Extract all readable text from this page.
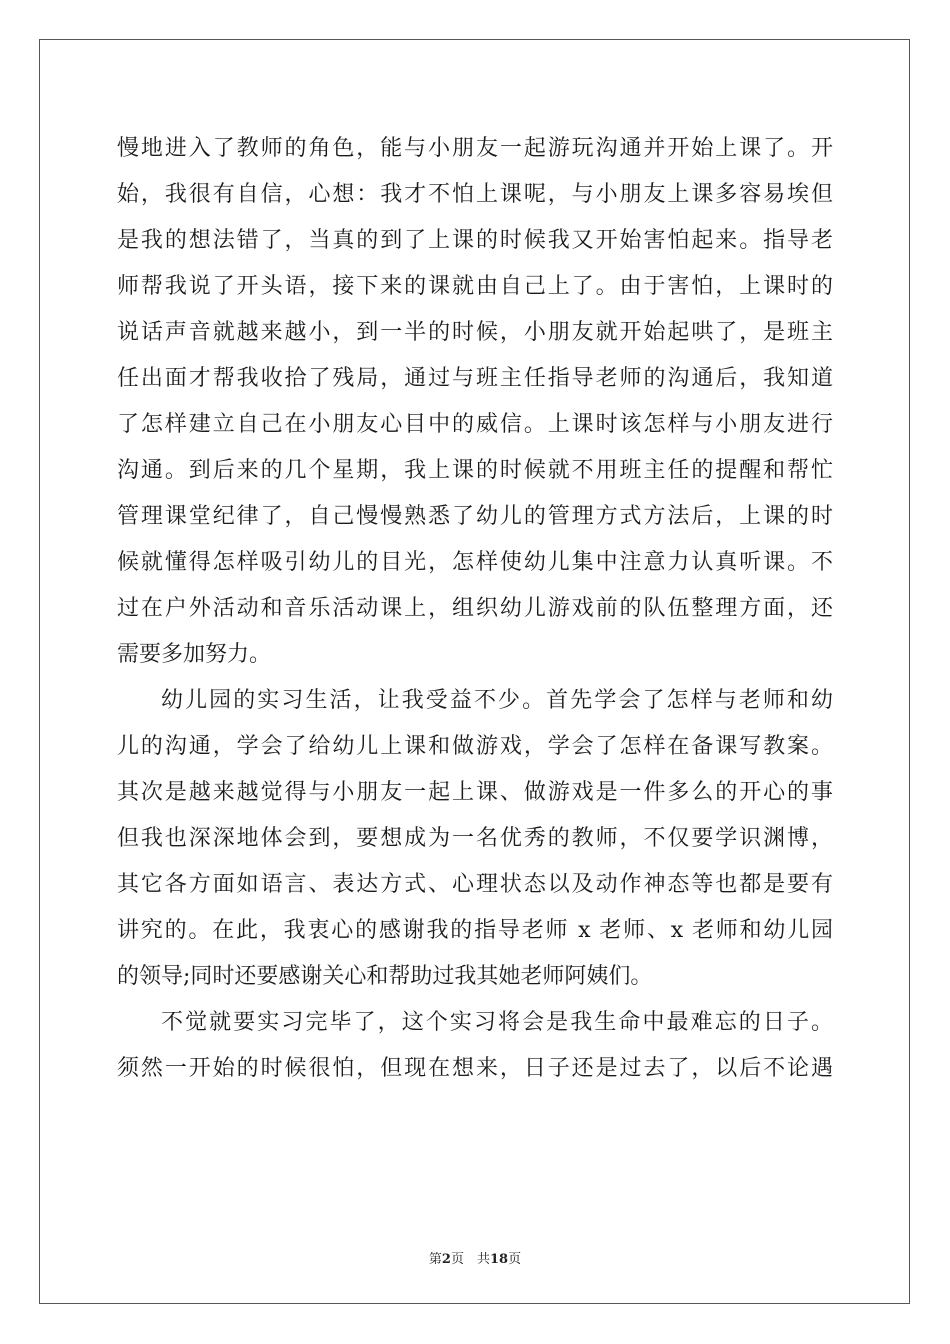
慢地进入了教师的角色，能与小朋友一起游玩沟通并开始上课了。开
始，我很有自信，心想：我才不怕上课呢，与小朋友上课多容易埃但
是我的想法错了，当真的到了上课的时候我又开始害怕起来。指导老
师帮我说了开头语，接下来的课就由自己上了。由于害怕，上课时的
说话声音就越来越小，到一半的时候，小朋友就开始起哄了，是班主
任出面才帮我收拾了残局，通过与班主任指导老师的沟通后，我知道
了怎样建立自己在小朋友心目中的威信。上课时该怎样与小朋友进行
沟通。到后来的几个星期，我上课的时候就不用班主任的提醒和帮忙
管理课堂纪律了，自己慢慢熟悉了幼儿的管理方式方法后，上课的时
候就懂得怎样吸引幼儿的目光，怎样使幼儿集中注意力认真听课。不
过在户外活动和音乐活动课上，组织幼儿游戏前的队伍整理方面，还
需要多加努力。
幼儿园的实习生活，让我受益不少。首先学会了怎样与老师和幼
儿的沟通，学会了给幼儿上课和做游戏，学会了怎样在备课写教案。
其次是越来越觉得与小朋友一起上课、做游戏是一件多么的开心的事
但我也深深地体会到，要想成为一名优秀的教师，不仅要学识渊博，
其它各方面如语言、表达方式、心理状态以及动作神态等也都是要有
讲究的。在此，我衷心的感谢我的指导老师 x 老师、x 老师和幼儿园
的领导;同时还要感谢关心和帮助过我其她老师阿姨们。
不觉就要实习完毕了，这个实习将会是我生命中最难忘的日子。
须然一开始的时候很怕，但现在想来，日子还是过去了，以后不论遇
第2页　共18页
